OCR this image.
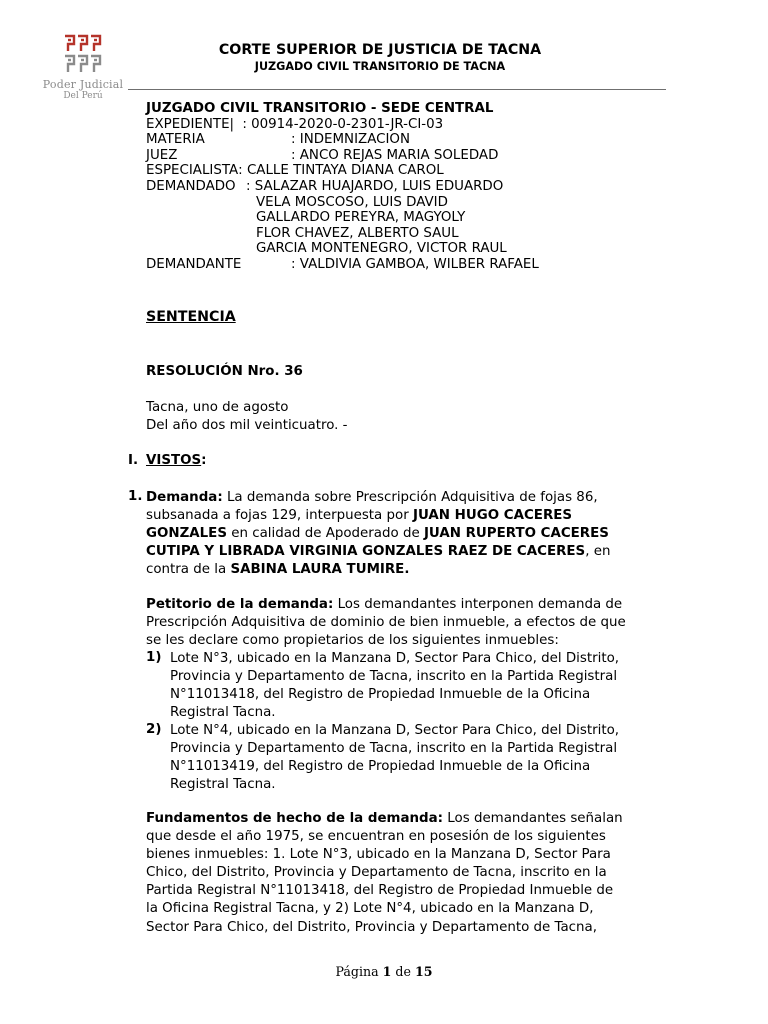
Poder Judicial
Del Perú
CORTE SUPERIOR DE JUSTICIA DE TACNA
JUZGADO CIVIL TRANSITORIO DE TACNA
JUZGADO CIVIL TRANSITORIO - SEDE CENTRAL
EXPEDIENTE| : 00914-2020-0-2301-JR-CI-03
MATERIA	: INDEMNIZACION
JUEZ	: ANCO REJAS MARIA SOLEDAD
ESPECIALISTA: CALLE TINTAYA DIANA CAROL
DEMANDADO : SALAZAR HUAJARDO, LUIS EDUARDO
VELA MOSCOSO, LUIS DAVID
GALLARDO PEREYRA, MAGYOLY
FLOR CHAVEZ, ALBERTO SAUL
GARCIA MONTENEGRO, VICTOR RAUL
DEMANDANTE	: VALDIVIA GAMBOA, WILBER RAFAEL
SENTENCIA
RESOLUCIÓN Nro. 36
Tacna, uno de agosto
Del año dos mil veinticuatro. -
I. VISTOS:
1. Demanda: La demanda sobre Prescripción Adquisitiva de fojas 86,
subsanada a fojas 129, interpuesta por JUAN HUGO CACERES
GONZALES en calidad de Apoderado de JUAN RUPERTO CACERES
CUTIPA Y LIBRADA VIRGINIA GONZALES RAEZ DE CACERES, en
contra de la SABINA LAURA TUMIRE.
Petitorio de la demanda: Los demandantes interponen demanda de
Prescripción Adquisitiva de dominio de bien inmueble, a efectos de que
se les declare como propietarios de los siguientes inmuebles:
1) Lote N°3, ubicado en la Manzana D, Sector Para Chico, del Distrito,
Provincia y Departamento de Tacna, inscrito en la Partida Registral
N°11013418, del Registro de Propiedad Inmueble de la Oficina
Registral Tacna.
2) Lote N°4, ubicado en la Manzana D, Sector Para Chico, del Distrito,
Provincia y Departamento de Tacna, inscrito en la Partida Registral
N°11013419, del Registro de Propiedad Inmueble de la Oficina
Registral Tacna.
Fundamentos de hecho de la demanda: Los demandantes señalan
que desde el año 1975, se encuentran en posesión de los siguientes
bienes inmuebles: 1. Lote N°3, ubicado en la Manzana D, Sector Para
Chico, del Distrito, Provincia y Departamento de Tacna, inscrito en la
Partida Registral N°11013418, del Registro de Propiedad Inmueble de
la Oficina Registral Tacna, y 2) Lote N°4, ubicado en la Manzana D,
Sector Para Chico, del Distrito, Provincia y Departamento de Tacna,
Página 1 de 15
